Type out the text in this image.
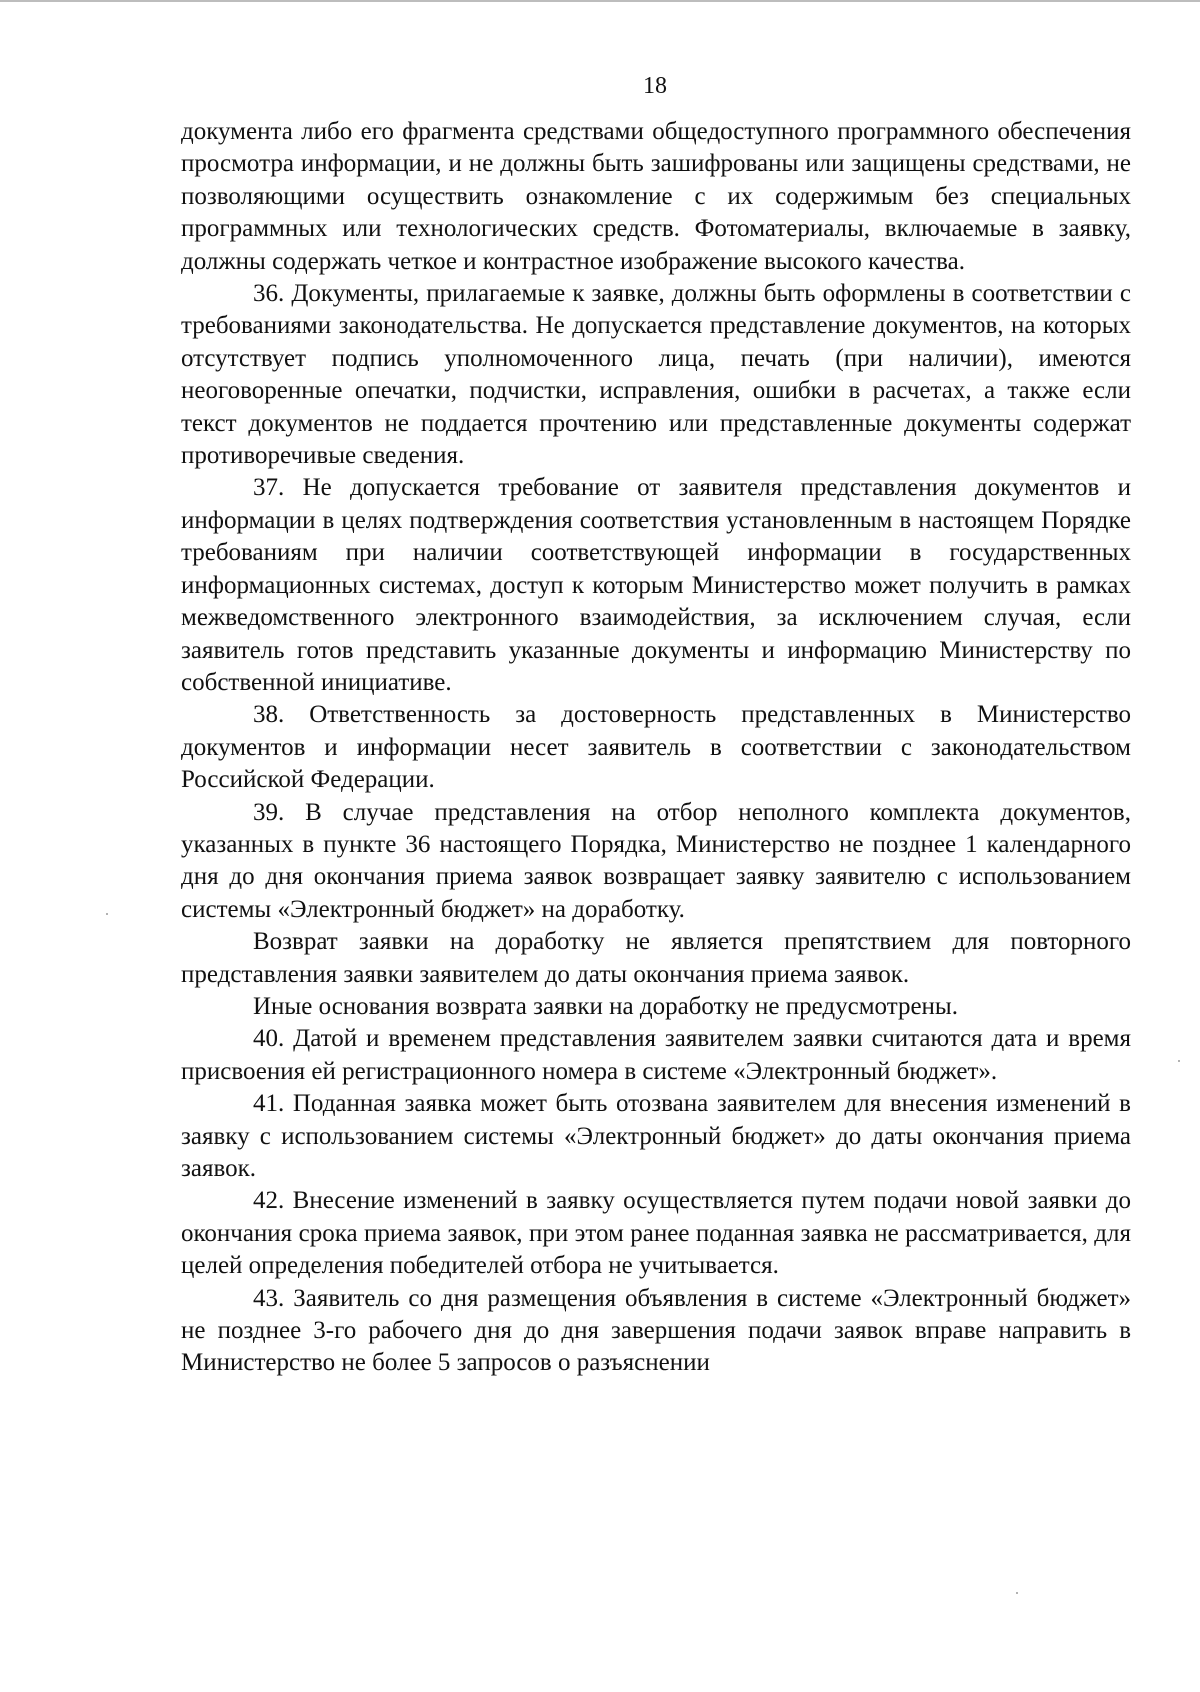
18

документа либо его фрагмента средствами общедоступного программного обеспечения просмотра информации, и не должны быть зашифрованы или защищены средствами, не позволяющими осуществить ознакомление с их содержимым без специальных программных или технологических средств. Фотоматериалы, включаемые в заявку, должны содержать четкое и контрастное изображение высокого качества.

36. Документы, прилагаемые к заявке, должны быть оформлены в соответствии с требованиями законодательства. Не допускается представление документов, на которых отсутствует подпись уполномоченного лица, печать (при наличии), имеются неоговоренные опечатки, подчистки, исправления, ошибки в расчетах, а также если текст документов не поддается прочтению или представленные документы содержат противоречивые сведения.

37. Не допускается требование от заявителя представления документов и информации в целях подтверждения соответствия установленным в настоящем Порядке требованиям при наличии соответствующей информации в государственных информационных системах, доступ к которым Министерство может получить в рамках межведомственного электронного взаимодействия, за исключением случая, если заявитель готов представить указанные документы и информацию Министерству по собственной инициативе.

38. Ответственность за достоверность представленных в Министерство документов и информации несет заявитель в соответствии с законодательством Российской Федерации.

39. В случае представления на отбор неполного комплекта документов, указанных в пункте 36 настоящего Порядка, Министерство не позднее 1 календарного дня до дня окончания приема заявок возвращает заявку заявителю с использованием системы «Электронный бюджет» на доработку.

Возврат заявки на доработку не является препятствием для повторного представления заявки заявителем до даты окончания приема заявок.

Иные основания возврата заявки на доработку не предусмотрены.

40. Датой и временем представления заявителем заявки считаются дата и время присвоения ей регистрационного номера в системе «Электронный бюджет».

41. Поданная заявка может быть отозвана заявителем для внесения изменений в заявку с использованием системы «Электронный бюджет» до даты окончания приема заявок.

42. Внесение изменений в заявку осуществляется путем подачи новой заявки до окончания срока приема заявок, при этом ранее поданная заявка не рассматривается, для целей определения победителей отбора не учитывается.

43. Заявитель со дня размещения объявления в системе «Электронный бюджет» не позднее 3-го рабочего дня до дня завершения подачи заявок вправе направить в Министерство не более 5 запросов о разъяснении
